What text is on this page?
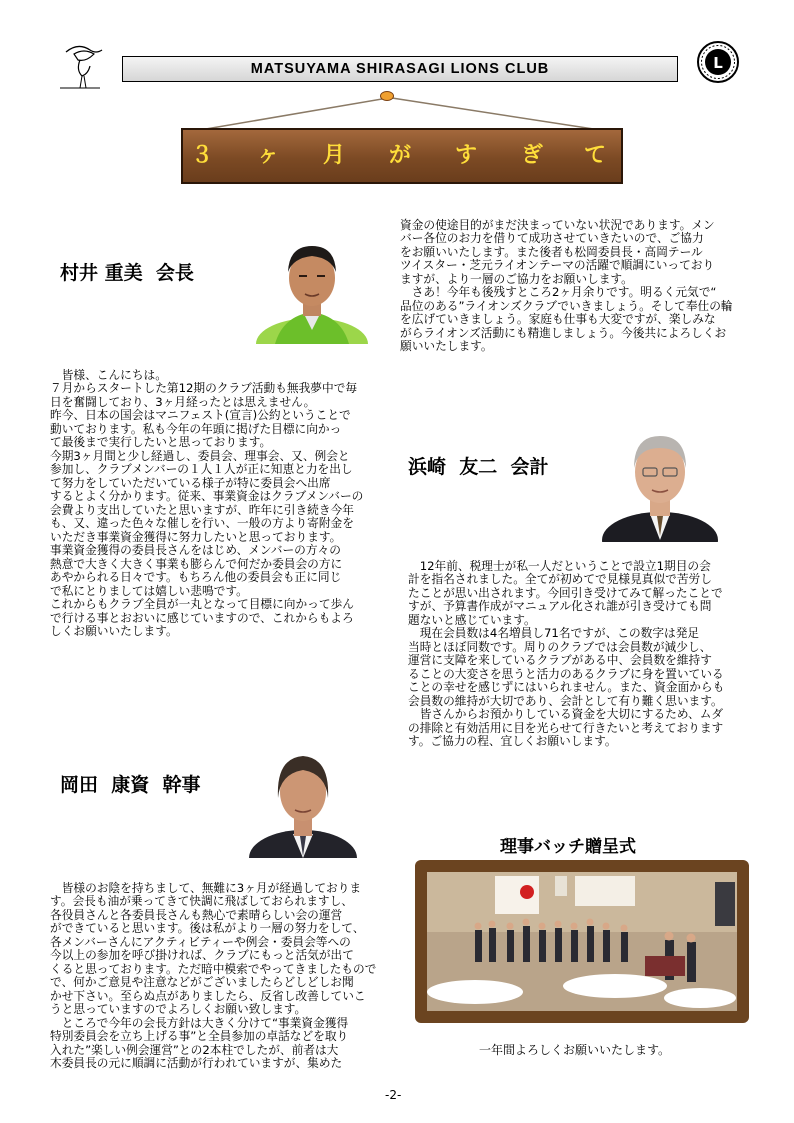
MATSUYAMA SHIRASAGI LIONS CLUB	L
３ ヶ 月 が す ぎ て
村井 重美  会長

　皆様、こんにちは。
７月からスタートした第12期のクラブ活動も無我夢中で毎
日を奮闘しており、3ヶ月経ったとは思えません。
昨今、日本の国会はマニフェスト(宣言)公約ということで
動いております。私も今年の年頭に掲げた目標に向かっ
て最後まで実行したいと思っております。
今期3ヶ月間と少し経過し、委員会、理事会、又、例会と
参加し、クラブメンバーの１人１人が正に知恵と力を出し
て努力をしていただいている様子が特に委員会へ出席
するとよく分かります。従来、事業資金はクラブメンバーの
会費より支出していたと思いますが、昨年に引き続き今年
も、又、違った色々な催しを行い、一般の方より寄附金を
いただき事業資金獲得に努力したいと思っております。
事業資金獲得の委員長さんをはじめ、メンバーの方々の
熱意で大きく大きく事業も膨らんで何だか委員会の方に
あやかられる日々です。もちろん他の委員会も正に同じ
で私にとりましては嬉しい悲鳴です。
これからもクラブ全員が一丸となって目標に向かって歩ん
で行ける事とおおいに感じていますので、これからもよろ
しくお願いいたします。

資金の使途目的がまだ決まっていない状況であります。メン
バー各位のお力を借りて成功させていきたいので、ご協力
をお願いいたします。また後者も松岡委員長・高岡テール
ツイスター・芝元ライオンテーマの活躍で順調にいっており
ますが、より一層のご協力をお願いします。
　さあ！今年も後残すところ2ヶ月余りです。明るく元気で“
品位のある”ライオンズクラブでいきましょう。そして奉仕の輪
を広げていきましょう。家庭も仕事も大変ですが、楽しみな
がらライオンズ活動にも精進しましょう。今後共によろしくお
願いいたします。

浜崎  友二  会計

　12年前、税理士が私一人だということで設立1期目の会
計を指名されました。全てが初めてで見様見真似で苦労し
たことが思い出されます。今回引き受けてみて解ったことで
すが、予算書作成がマニュアル化され誰が引き受けても問
題ないと感じています。
　現在会員数は4名増員し71名ですが、この数字は発足
当時とほぼ同数です。周りのクラブでは会員数が減少し、
運営に支障を来しているクラブがある中、会員数を維持す
ることの大変さを思うと活力のあるクラブに身を置いている
ことの幸せを感じずにはいられません。また、資金面からも
会員数の維持が大切であり、会計として有り難く思います。
　皆さんからお預かりしている資金を大切にするため、ムダ
の排除と有効活用に目を光らせて行きたいと考えております
す。ご協力の程、宜しくお願いします。

岡田  康資  幹事

　皆様のお陰を持ちまして、無難に3ヶ月が経過しておりま
す。会長も油が乗ってきて快調に飛ばしておられますし、
各役員さんと各委員長さんも熱心で素晴らしい会の運営
ができていると思います。後は私がより一層の努力をして、
各メンバーさんにアクティビティーや例会・委員会等への
今以上の参加を呼び掛ければ、クラブにもっと活気が出て
くると思っております。ただ暗中模索でやってきましたもので
で、何かご意見や注意などがございましたらどしどしお聞
かせ下さい。至らぬ点がありましたら、反省し改善していこ
うと思っていますのでよろしくお願い致します。
　ところで今年の会長方針は大きく分けて“事業資金獲得
特別委員会を立ち上げる事”と全員参加の卓話などを取り
入れた”楽しい例会運営”との2本柱でしたが、前者は大
木委員長の元に順調に活動が行われていますが、集めた

理事バッチ贈呈式
一年間よろしくお願いいたします。
-2-
